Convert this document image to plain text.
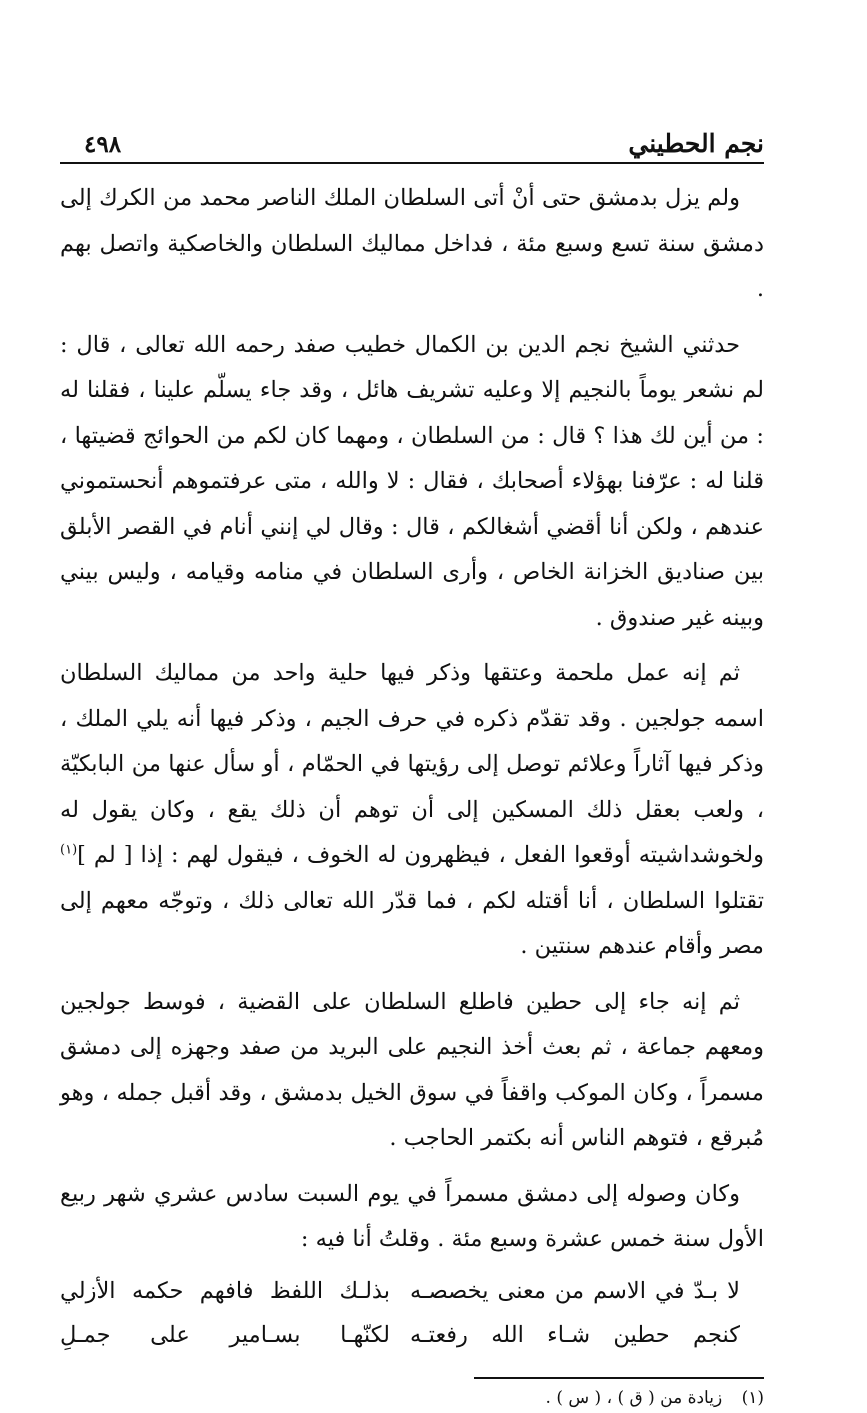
نجم الحطيني
٤٩٨

ولم يزل بدمشق حتى أنْ أتى السلطان الملك الناصر محمد من الكرك إلى دمشق سنة تسع وسبع مئة ، فداخل مماليك السلطان والخاصكية واتصل بهم .

حدثني الشيخ نجم الدين بن الكمال خطيب صفد رحمه الله تعالى ، قال : لم نشعر يوماً بالنجيم إلا وعليه تشريف هائل ، وقد جاء يسلّم علينا ، فقلنا له : من أين لك هذا ؟ قال : من السلطان ، ومهما كان لكم من الحوائج قضيتها ، قلنا له : عرّفنا بهؤلاء أصحابك ، فقال : لا والله ، متى عرفتموهم أنحستموني عندهم ، ولكن أنا أقضي أشغالكم ، قال : وقال لي إنني أنام في القصر الأبلق بين صناديق الخزانة الخاص ، وأرى السلطان في منامه وقيامه ، وليس بيني وبينه غير صندوق .

ثم إنه عمل ملحمة وعتقها وذكر فيها حلية واحد من مماليك السلطان اسمه جولجين . وقد تقدّم ذكره في حرف الجيم ، وذكر فيها أنه يلي الملك ، وذكر فيها آثاراً وعلائم توصل إلى رؤيتها في الحمّام ، أو سأل عنها من البابكيّة ، ولعب بعقل ذلك المسكين إلى أن توهم أن ذلك يقع ، وكان يقول له ولخوشداشيته أوقعوا الفعل ، فيظهرون له الخوف ، فيقول لهم : إذا [ لم ]$^{(١)}$ تقتلوا السلطان ، أنا أقتله لكم ، فما قدّر الله تعالى ذلك ، وتوجّه معهم إلى مصر وأقام عندهم سنتين .

ثم إنه جاء إلى حطين فاطلع السلطان على القضية ، فوسط جولجين ومعهم جماعة ، ثم بعث أخذ النجيم على البريد من صفد وجهزه إلى دمشق مسمراً ، وكان الموكب واقفاً في سوق الخيل بدمشق ، وقد أقبل جمله ، وهو مُبرقع ، فتوهم الناس أنه بكتمر الحاجب .

وكان وصوله إلى دمشق مسمراً في يوم السبت سادس عشري شهر ربيع الأول سنة خمس عشرة وسبع مئة . وقلتُ أنا فيه :

لا بـدّ في الاسم من معنى يخصصـه
بذلـك اللفظ فافهم حكمه الأزلي
كنجم حطين شـاء الله رفعتـه
لكنّهـا بسـامير على جمـلِ
(١) زيادة من ( ق ) ، ( س ) .
